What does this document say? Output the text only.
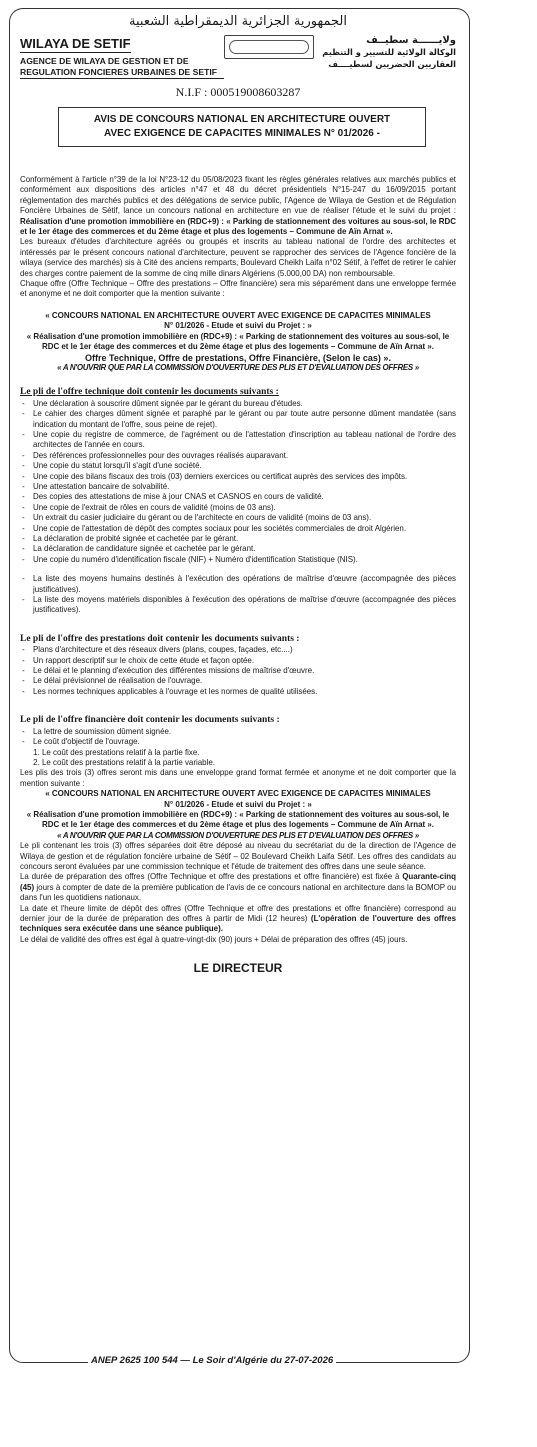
الجمهورية الجزائرية الديمقراطية الشعبية
WILAYA DE SETIF
AGENCE DE WILAYA DE GESTION ET DE
REGULATION FONCIERES URBAINES DE SETIF
ولايــــــة سطيــف
الوكالة الولائية للتسيير و التنظيم
العقاريين الحضريين لسطيــــف
N.I.F : 000519008603287
AVIS DE CONCOURS NATIONAL EN ARCHITECTURE OUVERT
AVEC EXIGENCE DE CAPACITES MINIMALES N° 01/2026 -

Conformément à l'article n°39 de la loi N°23-12 du 05/08/2023 fixant les règles générales relatives aux marchés publics et conformément aux dispositions des articles n°47 et 48 du décret présidentiels N°15-247 du 16/09/2015 portant réglementation des marchés publics et des délégations de service public, l'Agence de Wilaya de Gestion et de Régulation Foncière Urbaines de Sétif, lance un concours national en architecture en vue de réaliser l'étude et le suivi du projet : Réalisation d'une promotion immobilière en (RDC+9) : « Parking de stationnement des voitures au sous-sol, le RDC et le 1er étage des commerces et du 2ème étage et plus des logements – Commune de Aïn Arnat ».

Les bureaux d'études d'architecture agréés ou groupés et inscrits au tableau national de l'ordre des architectes et intéressés par le présent concours national d'architecture, peuvent se rapprocher des services de l'Agence foncière de la wilaya (service des marchés) sis à Cité des anciens remparts, Boulevard Cheikh Laifa n°02 Sétif, à l'effet de retirer le cahier des charges contre paiement de la somme de cinq mille dinars Algériens (5.000,00 DA) non remboursable.

Chaque offre (Offre Technique – Offre des prestations – Offre financière) sera mis séparément dans une enveloppe fermée et anonyme et ne doit comporter que la mention suivante :

« CONCOURS NATIONAL EN ARCHITECTURE OUVERT AVEC EXIGENCE DE CAPACITES MINIMALES
N° 01/2026 - Etude et suivi du Projet : »
« Réalisation d'une promotion immobilière en (RDC+9) : « Parking de stationnement des voitures au sous-sol, le RDC et le 1er étage des commerces et du 2ème étage et plus des logements – Commune de Aïn Arnat ».
Offre Technique, Offre de prestations, Offre Financière, (Selon le cas) ».
« A N'OUVRIR QUE PAR LA COMMISSION D'OUVERTURE DES PLIS ET D'EVALUATION DES OFFRES »
Le pli de l'offre technique doit contenir les documents suivants :
- Une déclaration à souscrire dûment signée par le gérant du bureau d'études.
- Le cahier des charges dûment signée et paraphé par le gérant ou par toute autre personne dûment mandatée (sans indication du montant de l'offre, sous peine de rejet).
- Une copie du registre de commerce, de l'agrément ou de l'attestation d'inscription au tableau national de l'ordre des architectes de l'année en cours.
- Des références professionnelles pour des ouvrages réalisés auparavant.
- Une copie du statut lorsqu'il s'agit d'une société.
- Une copie des bilans fiscaux des trois (03) derniers exercices ou certificat auprès des services des impôts.
- Une attestation bancaire de solvabilité.
- Des copies des attestations de mise à jour CNAS et CASNOS en cours de validité.
- Une copie de l'extrait de rôles en cours de validité (moins de 03 ans).
- Un extrait du casier judiciaire du gérant ou de l'architecte en cours de validité (moins de 03 ans).
- Une copie de l'attestation de dépôt des comptes sociaux pour les sociétés commerciales de droit Algérien.
- La déclaration de probité signée et cachetée par le gérant.
- La déclaration de candidature signée et cachetée par le gérant.
- Une copie du numéro d'identification fiscale (NIF) + Numéro d'identification Statistique (NIS).
- La liste des moyens humains destinés à l'exécution des opérations de maîtrise d'œuvre (accompagnée des pièces justificatives).
- La liste des moyens matériels disponibles à l'exécution des opérations de maîtrise d'œuvre (accompagnée des pièces justificatives).
Le pli de l'offre des prestations doit contenir les documents suivants :
- Plans d'architecture et des réseaux divers (plans, coupes, façades, etc....)
- Un rapport descriptif sur le choix de cette étude et façon optée.
- Le délai et le planning d'exécution des différentes missions de maîtrise d'œuvre.
- Le délai prévisionnel de réalisation de l'ouvrage.
- Les normes techniques applicables à l'ouvrage et les normes de qualité utilisées.
Le pli de l'offre financière doit contenir les documents suivants :
- La lettre de soumission dûment signée.
- Le coût d'objectif de l'ouvrage.
1. Le coût des prestations relatif à la partie fixe.
2. Le coût des prestations relatif à la partie variable.

Les plis des trois (3) offres seront mis dans une enveloppe grand format fermée et anonyme et ne doit comporter que la mention suivante :

« CONCOURS NATIONAL EN ARCHITECTURE OUVERT AVEC EXIGENCE DE CAPACITES MINIMALES
N° 01/2026 - Etude et suivi du Projet : »
« Réalisation d'une promotion immobilière en (RDC+9) : « Parking de stationnement des voitures au sous-sol, le RDC et le 1er étage des commerces et du 2ème étage et plus des logements – Commune de Aïn Arnat ».
« A N'OUVRIR QUE PAR LA COMMISSION D'OUVERTURE DES PLIS ET D'EVALUATION DES OFFRES »

Le pli contenant les trois (3) offres séparées doit être déposé au niveau du secrétariat du de la direction de l'Agence de Wilaya de gestion et de régulation foncière urbaine de Sétif – 02 Boulevard Cheikh Laifa Sétif. Les offres des candidats au concours seront évaluées par une commission technique et l'étude de traitement des offres dans une seule séance.

La durée de préparation des offres (Offre Technique et offre des prestations et offre financière) est fixée à Quarante-cinq (45) jours à compter de date de la première publication de l'avis de ce concours national en architecture dans la BOMOP ou dans l'un les quotidiens nationaux.

La date et l'heure limite de dépôt des offres (Offre Technique et offre des prestations et offre financière) correspond au dernier jour de la durée de préparation des offres à partir de Midi (12 heures) (L'opération de l'ouverture des offres techniques sera exécutée dans une séance publique).

Le délai de validité des offres est égal à quatre-vingt-dix (90) jours + Délai de préparation des offres (45) jours.

LE DIRECTEUR
ANEP 2625 100 544 — Le Soir d'Algérie du 27-07-2026
